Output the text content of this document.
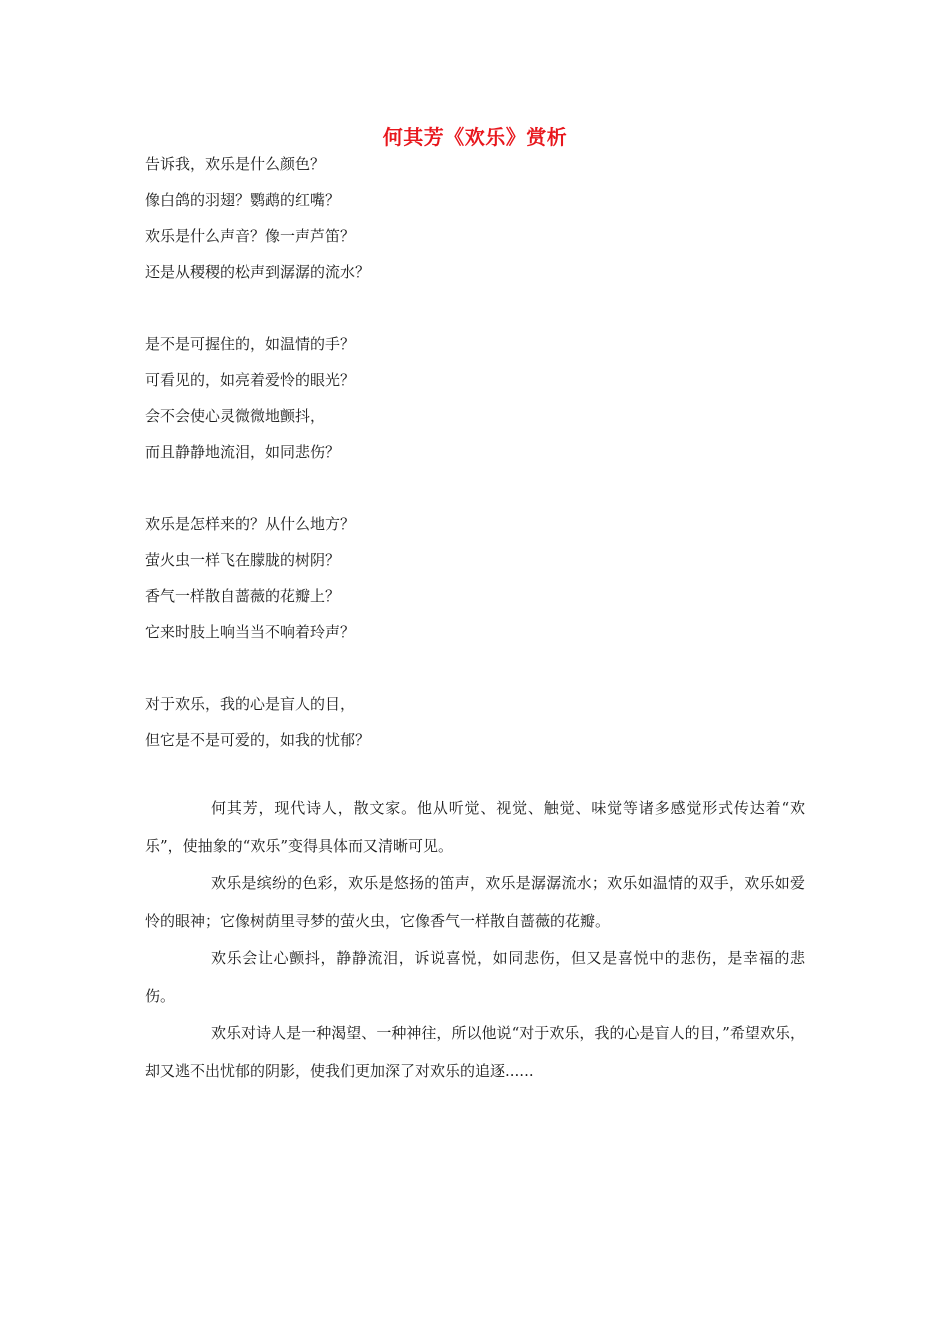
何其芳《欢乐》赏析
告诉我，欢乐是什么颜色？
像白鸽的羽翅？鹦鹉的红嘴？
欢乐是什么声音？像一声芦笛？
还是从稷稷的松声到潺潺的流水？
是不是可握住的，如温情的手？
可看见的，如亮着爱怜的眼光？
会不会使心灵微微地颤抖，
而且静静地流泪，如同悲伤？
欢乐是怎样来的？从什么地方？
萤火虫一样飞在朦胧的树阴？
香气一样散自蔷薇的花瓣上？
它来时肢上响当当不响着玲声？
对于欢乐，我的心是盲人的目，
但它是不是可爱的，如我的忧郁？

何其芳，现代诗人，散文家。他从听觉、视觉、触觉、味觉等诸多感觉形式传达着“欢乐”，使抽象的“欢乐”变得具体而又清晰可见。

欢乐是缤纷的色彩，欢乐是悠扬的笛声，欢乐是潺潺流水；欢乐如温情的双手，欢乐如爱怜的眼神；它像树荫里寻梦的萤火虫，它像香气一样散自蔷薇的花瓣。

欢乐会让心颤抖，静静流泪，诉说喜悦，如同悲伤，但又是喜悦中的悲伤，是幸福的悲伤。

欢乐对诗人是一种渴望、一种神往，所以他说“对于欢乐，我的心是盲人的目，”希望欢乐，却又逃不出忧郁的阴影，使我们更加深了对欢乐的追逐......
